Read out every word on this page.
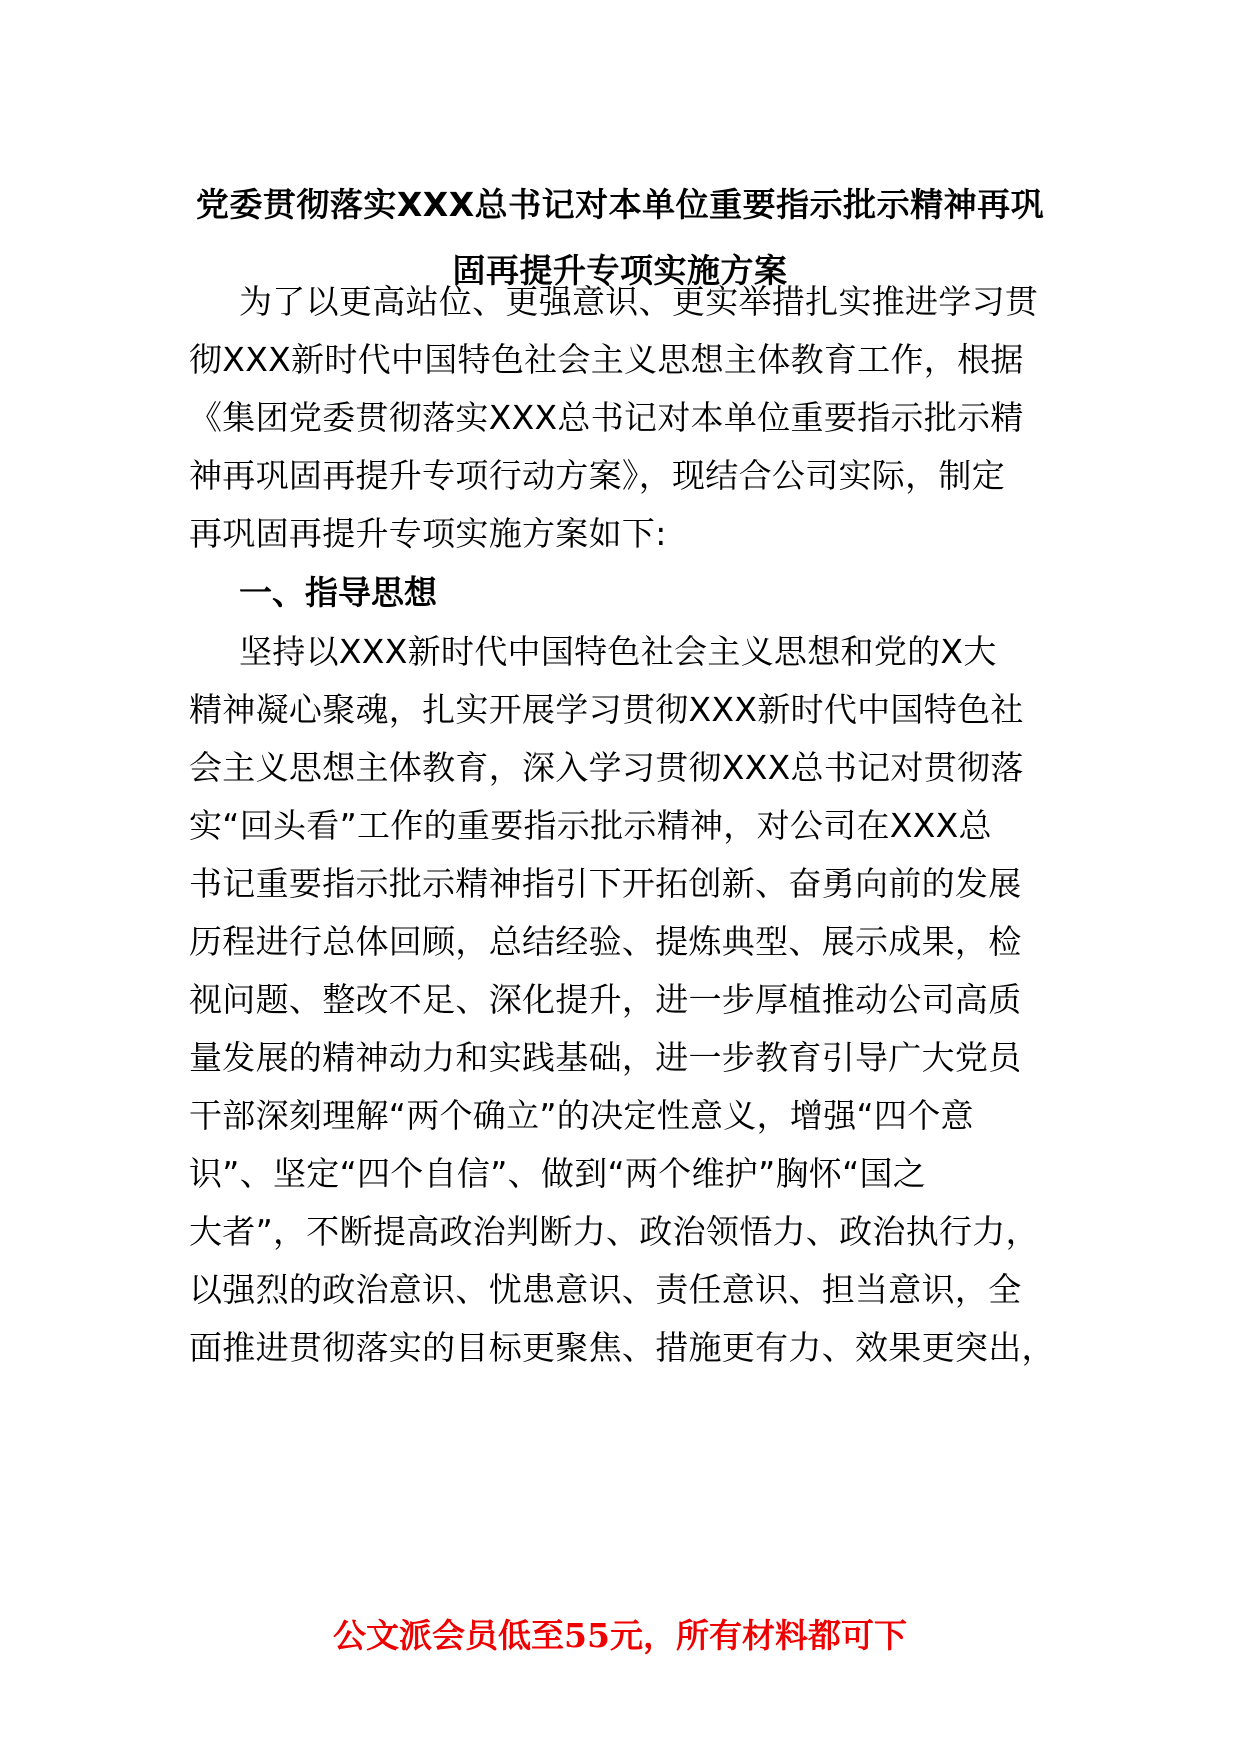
党委贯彻落实XXX总书记对本单位重要指示批示精神再巩
固再提升专项实施方案
为了以更高站位、更强意识、更实举措扎实推进学习贯
彻XXX新时代中国特色社会主义思想主体教育工作，根据
《集团党委贯彻落实XXX总书记对本单位重要指示批示精
神再巩固再提升专项行动方案》，现结合公司实际，制定
再巩固再提升专项实施方案如下:
一、指导思想
坚持以XXX新时代中国特色社会主义思想和党的X大
精神凝心聚魂，扎实开展学习贯彻XXX新时代中国特色社
会主义思想主体教育，深入学习贯彻XXX总书记对贯彻落
实“回头看”工作的重要指示批示精神，对公司在XXX总
书记重要指示批示精神指引下开拓创新、奋勇向前的发展
历程进行总体回顾，总结经验、提炼典型、展示成果，检
视问题、整改不足、深化提升，进一步厚植推动公司高质
量发展的精神动力和实践基础，进一步教育引导广大党员
干部深刻理解“两个确立”的决定性意义，增强“四个意
识”、坚定“四个自信”、做到“两个维护”胸怀“国之
大者”，不断提高政治判断力、政治领悟力、政治执行力，
以强烈的政治意识、忧患意识、责任意识、担当意识，全
面推进贯彻落实的目标更聚焦、措施更有力、效果更突出，
公文派会员低至55元，所有材料都可下
